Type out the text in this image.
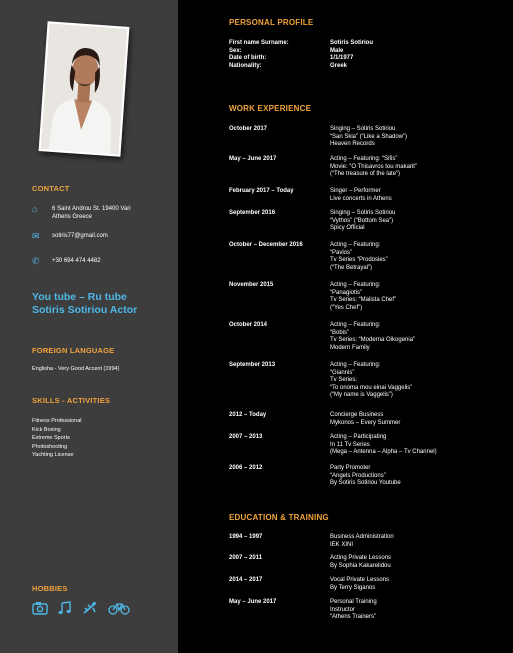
CONTACT
⌂	6 Saint Androu St. 19400 Vari
Athens Greece
✉	sotiris77@gmail.com
✆	+30 694 474 4482
You tube – Ru tube
Sotiris Sotiriou Actor
FOREIGN LANGUAGE
Englisha - Very Good Accent (1994)
SKILLS - ACTIVITIES
Fitness Professional
Kick Boxing
Extreme Sports
Photoshooting
Yachting License
HOBBIES
PERSONAL PROFILE
First name Surname:	Sotiris Sotiriou
Sex:	Male
Date of birth:	1/1/1977
Nationality:	Greek
WORK EXPERIENCE
October 2017	Singing – Sotiris Sotiriou
“San Skia” (“Like a Shadow”)
Heaven Records
May – June 2017	Acting – Featuring: “Sifis”
Movie: “O Thisavros tou makarit”
(“The treasure of the late”)
February 2017 – Today	Singer – Performer
Live concerts in Athens
September 2016	Singing – Sotiris Sotiriou
“Vythos” (“Bottom Sea”)
Spicy Official
October – December 2016	Acting – Featuring:
“Pavlos”
Tv Series “Prodosies”
(“The Betrayal”)
November 2015	Acting – Featuring:
“Panagiotis”
Tv Series: “Malista Chef”
(“Yes Chef”)
October 2014	Acting – Featuring:
“Bobis”
Tv Series: “Moderna Oikogenia”
Modern Family
September 2013	Acting – Featuring:
“Giannis”
Tv Series:
“To onoma mou einai Vaggelis”
(“My name is Vaggelis”)
2012 – Today	Concierge Business
Mykonos – Every Summer
2007 – 2013	Acting – Participating
In 11 Tv Series
(Mega – Antenna – Alpha – Tv Channel)
2006 – 2012	Party Promoter
“Angels Productions”
By Sotiris Sotiriou Youtube
EDUCATION & TRAINING
1994 – 1997	Business Administration
IEK XINI
2007 – 2011	Acting Private Lessons
By Sophia Kakarelidou
2014 – 2017	Vocal Private Lessons
By Terry Siganos
May – June 2017	Personal Training
Instructor
“Athens Trainers”
